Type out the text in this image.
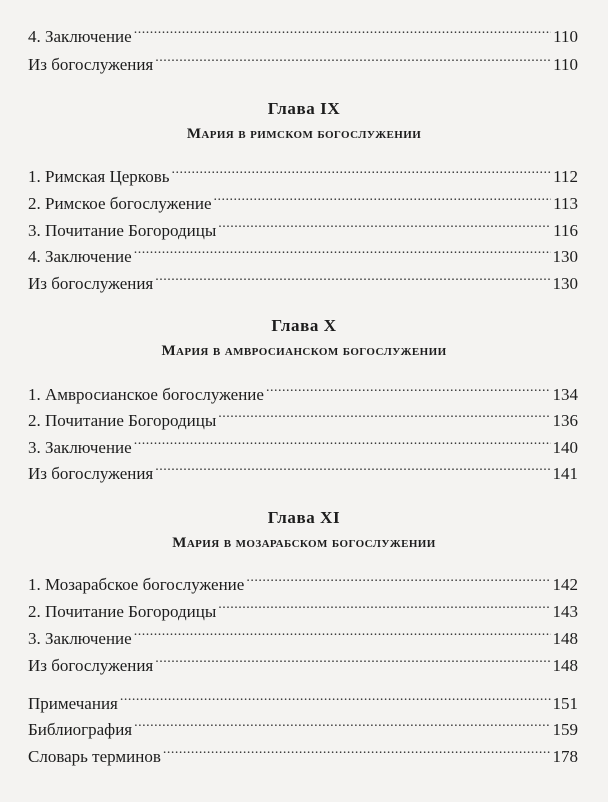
4. Заключение .....	110
Из богослужения .....	110
Глава IX
Мария в римском богослужении
1. Римская Церковь .....	112
2. Римское богослужение .....	113
3. Почитание Богородицы .....	116
4. Заключение .....	130
Из богослужения .....	130
Глава X
Мария в амвросианском богослужении
1. Амвросианское богослужение .....	134
2. Почитание Богородицы .....	136
3. Заключение .....	140
Из богослужения .....	141
Глава XI
Мария в мозарабском богослужении
1. Мозарабское богослужение .....	142
2. Почитание Богородицы .....	143
3. Заключение .....	148
Из богослужения .....	148
Примечания .....	151
Библиография .....	159
Словарь терминов .....	178
